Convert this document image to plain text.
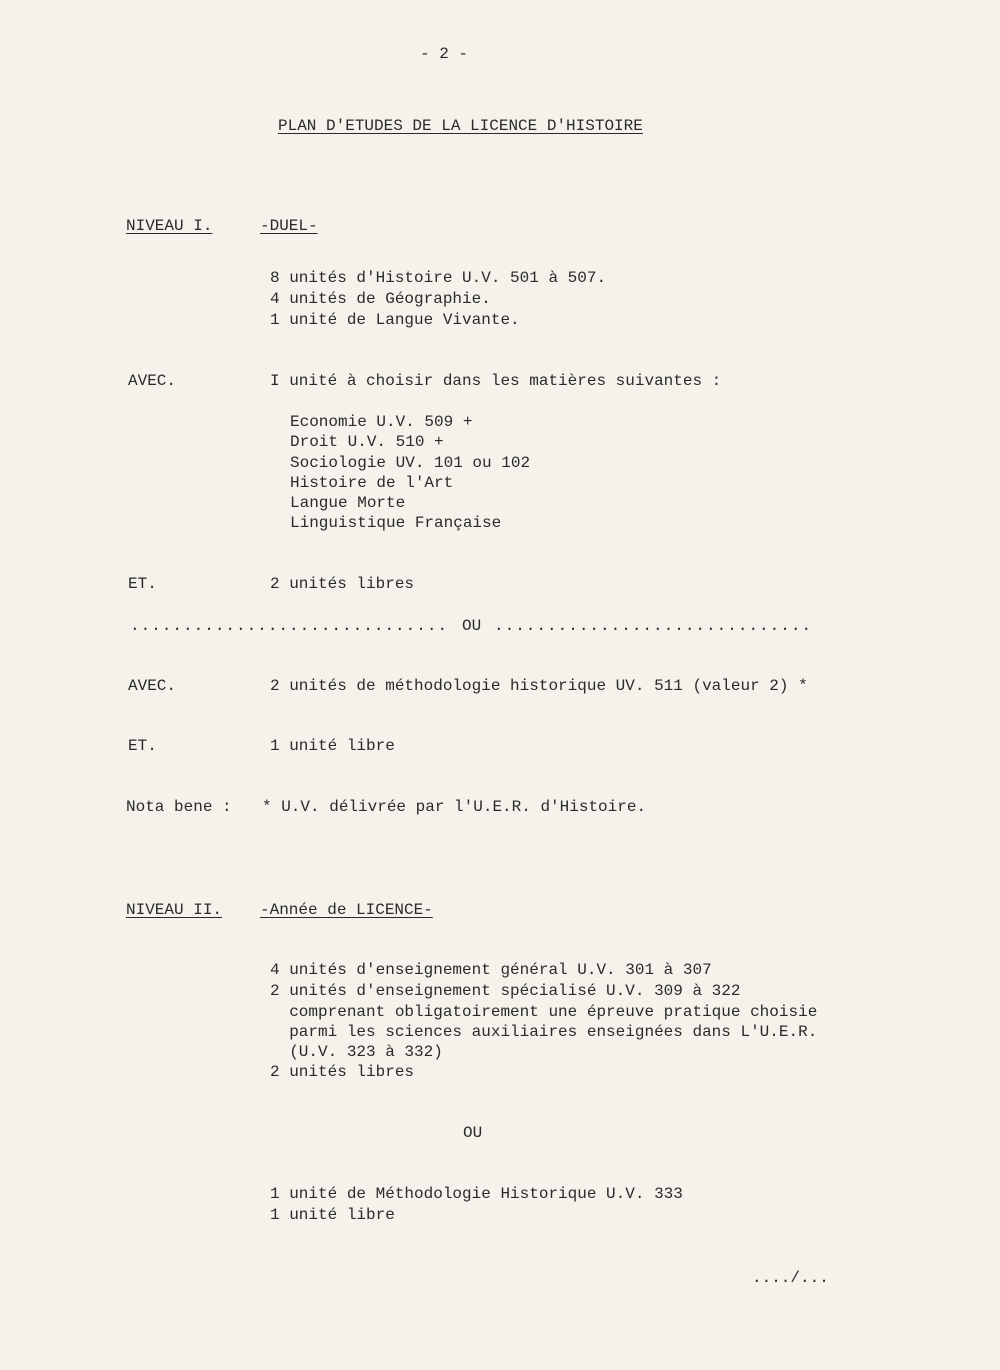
- 2 -
PLAN D'ETUDES DE LA LICENCE D'HISTOIRE
NIVEAU I.	-DUEL-
8 unités d'Histoire U.V. 501 à 507.
4 unités de Géographie.
1 unité de Langue Vivante.
AVEC.	I unité à choisir dans les matières suivantes :
Economie U.V. 509 +
Droit U.V. 510 +
Sociologie UV. 101 ou 102
Histoire de l'Art
Langue Morte
Linguistique Française
ET.	2 unités libres
.............................. OU ..............................
AVEC.	2 unités de méthodologie historique UV. 511 (valeur 2) *
ET.	1 unité libre
Nota bene : * U.V. délivrée par l'U.E.R. d'Histoire.
NIVEAU II. -Année de LICENCE-
4 unités d'enseignement général U.V. 301 à 307
2 unités d'enseignement spécialisé U.V. 309 à 322
comprenant obligatoirement une épreuve pratique choisie
parmi les sciences auxiliaires enseignées dans L'U.E.R.
(U.V. 323 à 332)
2 unités libres
OU
1 unité de Méthodologie Historique U.V. 333
1 unité libre
..../...
